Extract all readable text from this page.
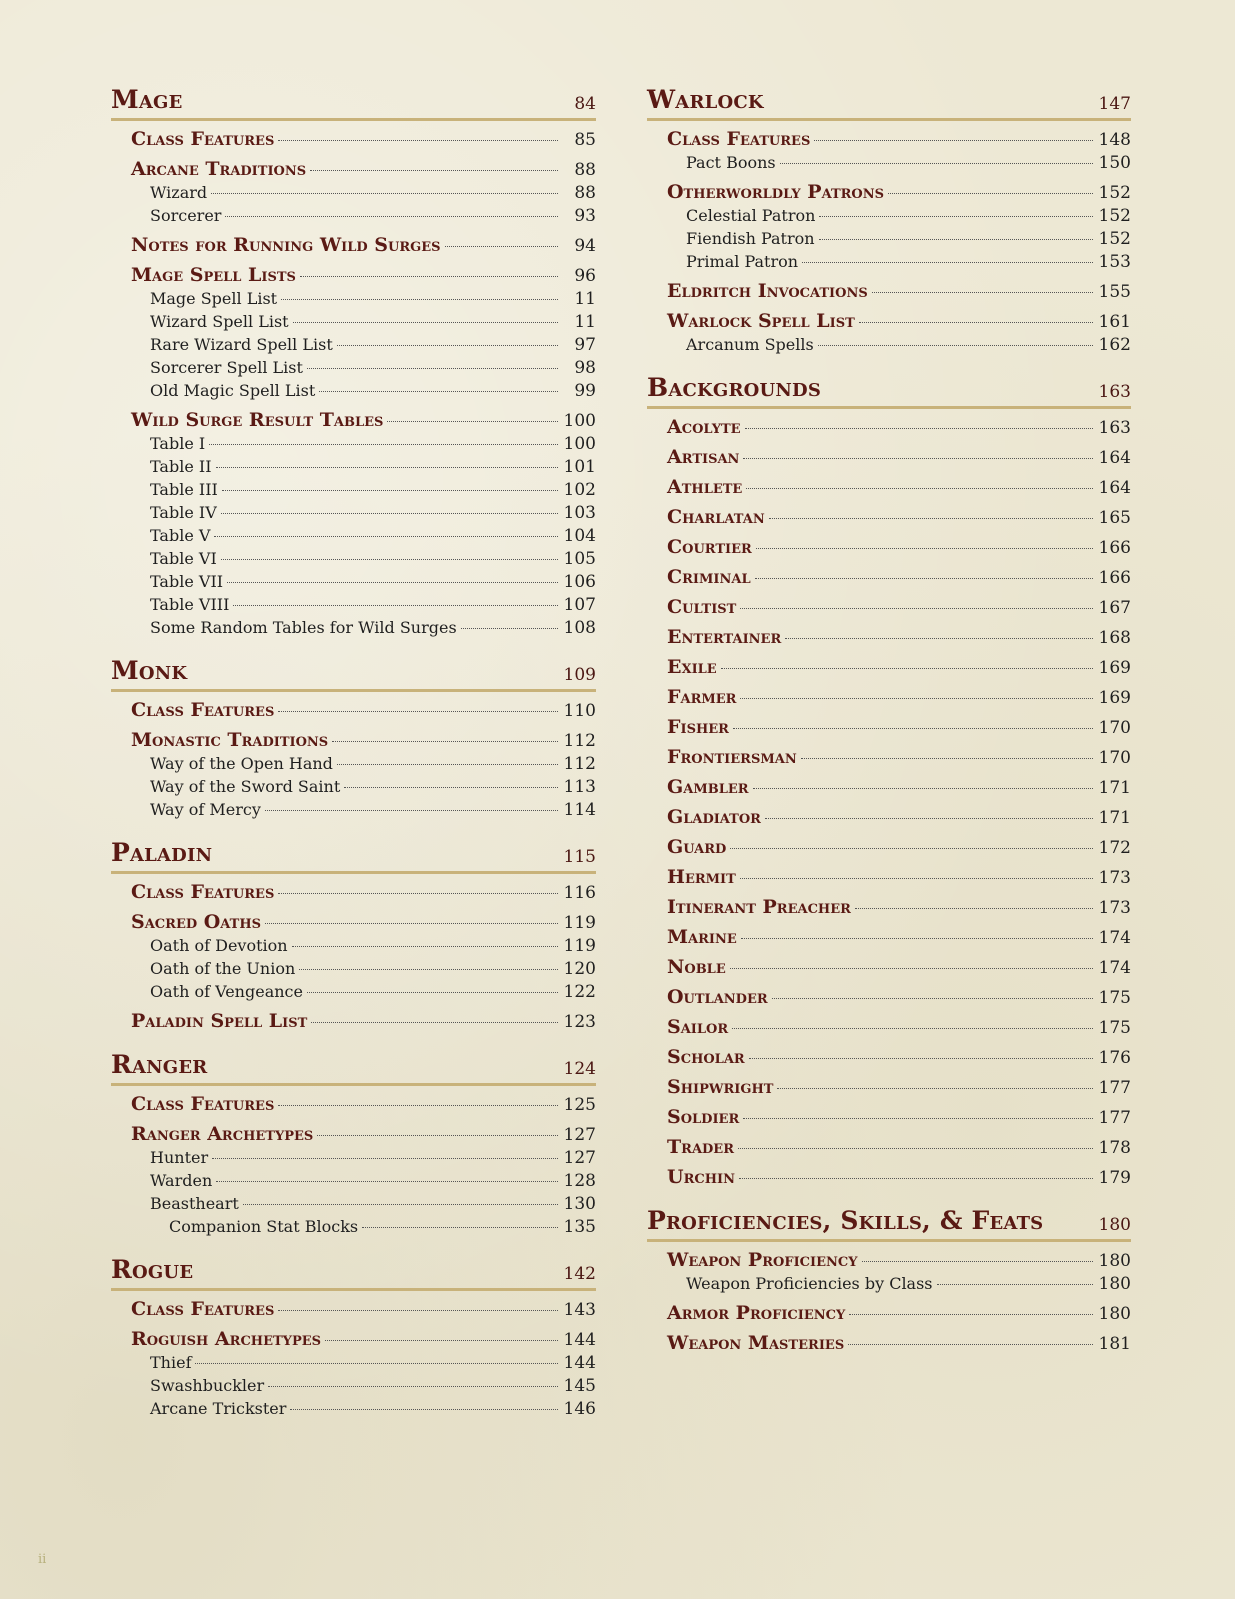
Mage	84
Class Features	85
Arcane Traditions	88
Wizard	88
Sorcerer	93
Notes for Running Wild Surges	94
Mage Spell Lists	96
Mage Spell List	11
Wizard Spell List	11
Rare Wizard Spell List	97
Sorcerer Spell List	98
Old Magic Spell List	99
Wild Surge Result Tables	100
Table I	100
Table II	101
Table III	102
Table IV	103
Table V	104
Table VI	105
Table VII	106
Table VIII	107
Some Random Tables for Wild Surges	108
Monk	109
Class Features	110
Monastic Traditions	112
Way of the Open Hand	112
Way of the Sword Saint	113
Way of Mercy	114
Paladin	115
Class Features	116
Sacred Oaths	119
Oath of Devotion	119
Oath of the Union	120
Oath of Vengeance	122
Paladin Spell List	123
Ranger	124
Class Features	125
Ranger Archetypes	127
Hunter	127
Warden	128
Beastheart	130
Companion Stat Blocks	135
Rogue	142
Class Features	143
Roguish Archetypes	144
Thief	144
Swashbuckler	145
Arcane Trickster	146
Warlock	147
Class Features	148
Pact Boons	150
Otherworldly Patrons	152
Celestial Patron	152
Fiendish Patron	152
Primal Patron	153
Eldritch Invocations	155
Warlock Spell List	161
Arcanum Spells	162
Backgrounds	163
Acolyte	163
Artisan	164
Athlete	164
Charlatan	165
Courtier	166
Criminal	166
Cultist	167
Entertainer	168
Exile	169
Farmer	169
Fisher	170
Frontiersman	170
Gambler	171
Gladiator	171
Guard	172
Hermit	173
Itinerant Preacher	173
Marine	174
Noble	174
Outlander	175
Sailor	175
Scholar	176
Shipwright	177
Soldier	177
Trader	178
Urchin	179
Proficiencies, Skills, & Feats	180
Weapon Proficiency	180
Weapon Proficiencies by Class	180
Armor Proficiency	180
Weapon Masteries	181
ii
